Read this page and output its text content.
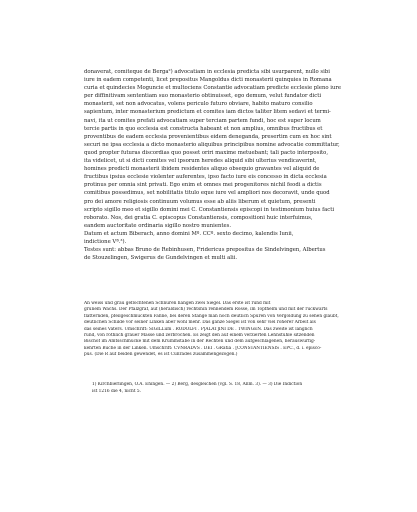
donaverat, comiteque de Berga²) advocatiam in ecclesia predicta sibi usurparent, nullo sibi
iure in eadem competenti, licet prepositus Mangoldus dicti monasterii quinquies in Romana
curia et quindecies Moguncie et multociens Constantie advocatiam predicte ecclesie pleno iure
per diffinitivam sententiam suo monasterio obtinuisset, ego demum, velut fundator dicti
monasterii, set non advocatus, volens periculo futuro obviare, habito maturo consilio
sapientum, inter monasterium predictum et comites iam dictos taliter litem sedavi et termi-
navi, ita ut comites prefati advocatiam super terciam partem fundi, hoc est super locum
tercie partis in quo ecclesia est constructa habeant et non amplius, omnibus fructibus et
proventibus de eadem ecclesia provenientibus eidem deneganda, presertim cum ex hoc sint
securi ne ipsa ecclesia a dicto monasterio aliquibus principibus nomine advocatie committatur,
quod propter futuras discordias quo posset oriri maxime metuebant; tali pacto interposito,
ita videlicet, ut si dicti comites vel ipsorum heredes aliquid sibi ulterius vendicaverint,
homines predicti monasterii ibidem residentes aliquo obsequio gravantes vel aliquid de
fructibus ipsius ecclesie violenter auferentes, ipso facto iure eis concesso in dicta ecclesia
protinus per omnia sint privati. Ego enim et omnes mei progenitores nichil feodi a dictis
comitibus possedimus, set nobilitatis titulo eque iure vel ampliori nos decoravit, unde quod
pro dei amore religiosis continuum volumus esse ab aliis liberum et quietum, presenti
scripto sigillo meo et sigillo domini mei C. Constantiensis episcopi in testimonium huius facti
roborato. Nos, dei gratia C. episcopus Constantiensis, compositioni huic interfuimus,
eandem auctoritate ordinaria sigillo nostro munientes.
Datum et actum Biberach, anno domini Mº. CCº. sexto decimo, kalendis Iunii,
indictione Vª.³).
Testes sunt: abbas Bruno de Rebinhusen, Fridericus prepositus de Sindelvingen, Albertus
de Stouzelingen, Swigerus de Gundelvingen et multi alii.
An weiss und grau geflochtenen Schnüren hängen zwei Siegel. Das erste ist rund mit
grünem Wachs. Der Pfalzgraf, auf (heraldisch) rechtshin rennendem Rosse, im Topfhelm und mit der rückwärts
flatternden, pfeilgeschmückten Fahne, bei deren Stange man noch deutlich Spuren von Vergoldung zu sehen glaubt,
deutlichen Schilde vor seiner Linken aber wohl mehr. Das ganze Siegel ist von sehr viel roherer Arbeit als
das seines Vaters. Umschrift: SIGILLum . RODOLFI . P[ALAT]INI DE . TWINGEN. Das zweite ist länglich
rund, von röthlich grauer Masse und zerbrochen. Es zeigt den auf einem verzierten Lehnstuhle sitzenden
Bischof im Amtsschmucke mit dem Krummstabe in der Rechten und dem aufgeschlagenen, herauswürfig-
kehrten Buche in der Linken. Umschrift: CVNRADVS . DEI . GRatia . [CONSTANTIENSIS . EPC., d. i. episco-
pus. (Die R auf beiden gewendet, es ist Cunrades zusammengezogen.)
1) Kirchbierlingen, O.A. Ehingen. — 2) Berg, desgleichen (vgl. S. 18, Anm. 3). — 3) Die Indiction
ist 1216 die 4, nicht 5.
